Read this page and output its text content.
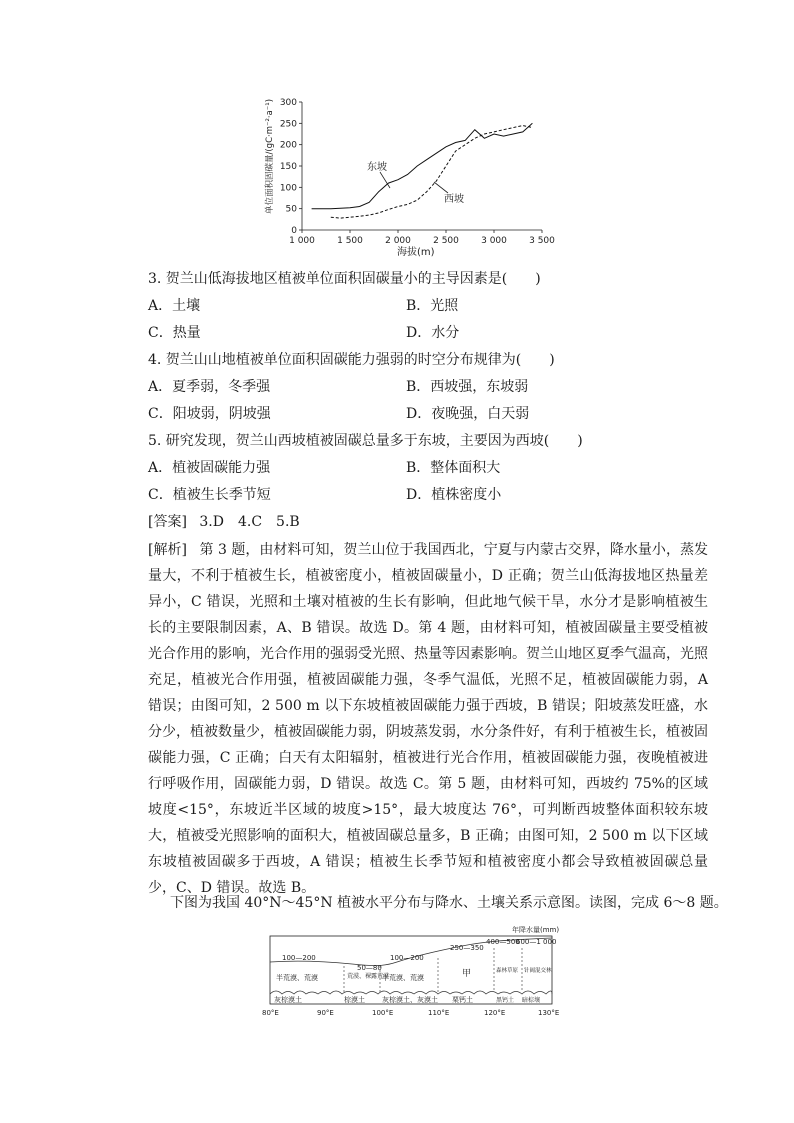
0
50
100
150
200
250
300
1 000 1 500 2 000 2 500 3 000 3 500
海拔(m)
单位面积固碳量/(gC·m⁻²·a⁻¹)	东坡
西坡
3. 贺兰山低海拔地区植被单位面积固碳量小的主导因素是(　　)
A．土壤	B．光照
C．热量	D．水分
4. 贺兰山山地植被单位面积固碳能力强弱的时空分布规律为(　　)
A．夏季弱，冬季强	B．西坡强，东坡弱
C．阳坡弱，阴坡强	D．夜晚强，白天弱
5. 研究发现，贺兰山西坡植被固碳总量多于东坡，主要因为西坡(　　)
A．植被固碳能力强	B．整体面积大
C．植被生长季节短	D．植株密度小
[答案] 3.D　4.C　5.B
[解析] 第 3 题，由材料可知，贺兰山位于我国西北，宁夏与内蒙古交界，降水量小，蒸发量大，不利于植被生长，植被密度小，植被固碳量小，D 正确；贺兰山低海拔地区热量差异小，C 错误，光照和土壤对植被的生长有影响，但此地气候干旱，水分才是影响植被生长的主要限制因素，A、B 错误。故选 D。第 4 题，由材料可知，植被固碳量主要受植被光合作用的影响，光合作用的强弱受光照、热量等因素影响。贺兰山地区夏季气温高，光照充足，植被光合作用强，植被固碳能力强，冬季气温低，光照不足，植被固碳能力弱，A 错误；由图可知，2 500 m 以下东坡植被固碳能力强于西坡，B 错误；阳坡蒸发旺盛，水分少，植被数量少，植被固碳能力弱，阴坡蒸发弱，水分条件好，有利于植被生长，植被固碳能力强，C 正确；白天有太阳辐射，植被进行光合作用，植被固碳能力强，夜晚植被进行呼吸作用，固碳能力弱，D 错误。故选 C。第 5 题，由材料可知，西坡约 75%的区域坡度<15°，东坡近半区域的坡度>15°，最大坡度达 76°，可判断西坡整体面积较东坡大，植被受光照影响的面积大，植被固碳总量多，B 正确；由图可知，2 500 m 以下区域东坡植被固碳多于西坡，A 错误；植被生长季节短和植被密度小都会导致植被固碳总量少，C、D 错误。故选 B。
下图为我国 40°N～45°N 植被水平分布与降水、土壤关系示意图。读图，完成 6～8 题。
年降水量(mm)
100—200
50—80
100—200
250—350
400—500
600—1 000
半荒漠、荒漠	荒漠、裸露荒漠
半荒漠、荒漠	甲	森林草原 针阔混交林
灰棕漠土	棕漠土 灰棕漠土、灰漠土 栗钙土	黑钙土 暗棕壤
80°E	90°E	100°E	110°E	120°E	130°E
